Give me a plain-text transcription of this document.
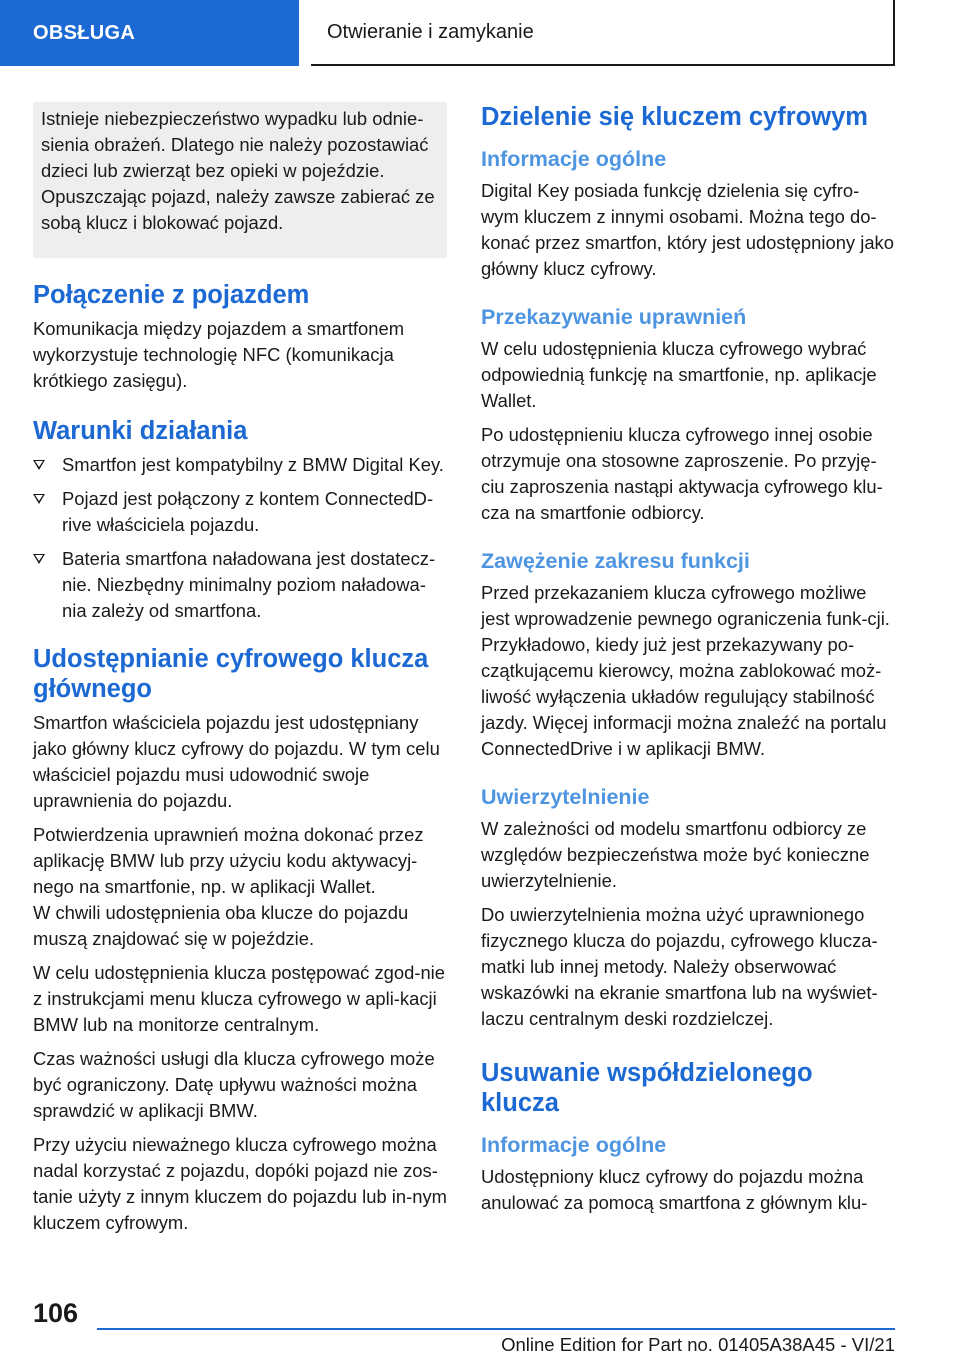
OBSŁUGA	Otwieranie i zamykanie
Istnieje niebezpieczeństwo wypadku lub odnie-sienia obrażeń. Dlatego nie należy pozostawiać dzieci lub zwierząt bez opieki w pojeździe. Opuszczając pojazd, należy zawsze zabierać ze sobą klucz i blokować pojazd.
Połączenie z pojazdem

Komunikacja między pojazdem a smartfonem wykorzystuje technologię NFC (komunikacja krótkiego zasięgu).

Warunki działania
Smartfon jest kompatybilny z BMW Digital Key.
Pojazd jest połączony z kontem ConnectedD-rive właściciela pojazdu.
Bateria smartfona naładowana jest dostatecz-nie. Niezbędny minimalny poziom naładowa-nia zależy od smartfona.
Udostępnianie cyfrowego klucza głównego

Smartfon właściciela pojazdu jest udostępniany jako główny klucz cyfrowy do pojazdu. W tym celu właściciel pojazdu musi udowodnić swoje uprawnienia do pojazdu.

Potwierdzenia uprawnień można dokonać przez aplikację BMW lub przy użyciu kodu aktywacyj-nego na smartfonie, np. w aplikacji Wallet.

W chwili udostępnienia oba klucze do pojazdu muszą znajdować się w pojeździe.

W celu udostępnienia klucza postępować zgod-nie z instrukcjami menu klucza cyfrowego w apli-kacji BMW lub na monitorze centralnym.

Czas ważności usługi dla klucza cyfrowego może być ograniczony. Datę upływu ważności można sprawdzić w aplikacji BMW.

Przy użyciu nieważnego klucza cyfrowego można nadal korzystać z pojazdu, dopóki pojazd nie zos-tanie użyty z innym kluczem do pojazdu lub in-nym kluczem cyfrowym.

Dzielenie się kluczem cyfrowym
Informacje ogólne

Digital Key posiada funkcję dzielenia się cyfro-wym kluczem z innymi osobami. Można tego do-konać przez smartfon, który jest udostępniony jako główny klucz cyfrowy.

Przekazywanie uprawnień

W celu udostępnienia klucza cyfrowego wybrać odpowiednią funkcję na smartfonie, np. aplikacje Wallet.

Po udostępnieniu klucza cyfrowego innej osobie otrzymuje ona stosowne zaproszenie. Po przyję-ciu zaproszenia nastąpi aktywacja cyfrowego klu-cza na smartfonie odbiorcy.

Zawężenie zakresu funkcji

Przed przekazaniem klucza cyfrowego możliwe jest wprowadzenie pewnego ograniczenia funk-cji. Przykładowo, kiedy już jest przekazywany po-czątkującemu kierowcy, można zablokować moż-liwość wyłączenia układów regulujący stabilność jazdy. Więcej informacji można znaleźć na portalu ConnectedDrive i w aplikacji BMW.

Uwierzytelnienie

W zależności od modelu smartfonu odbiorcy ze względów bezpieczeństwa może być konieczne uwierzytelnienie.

Do uwierzytelnienia można użyć uprawnionego fizycznego klucza do pojazdu, cyfrowego klucza-matki lub innej metody. Należy obserwować wskazówki na ekranie smartfona lub na wyświet-laczu centralnym deski rozdzielczej.

Usuwanie współdzielonego klucza
Informacje ogólne

Udostępniony klucz cyfrowy do pojazdu można anulować za pomocą smartfona z głównym klu-

106
Online Edition for Part no. 01405A38A45 - VI/21
